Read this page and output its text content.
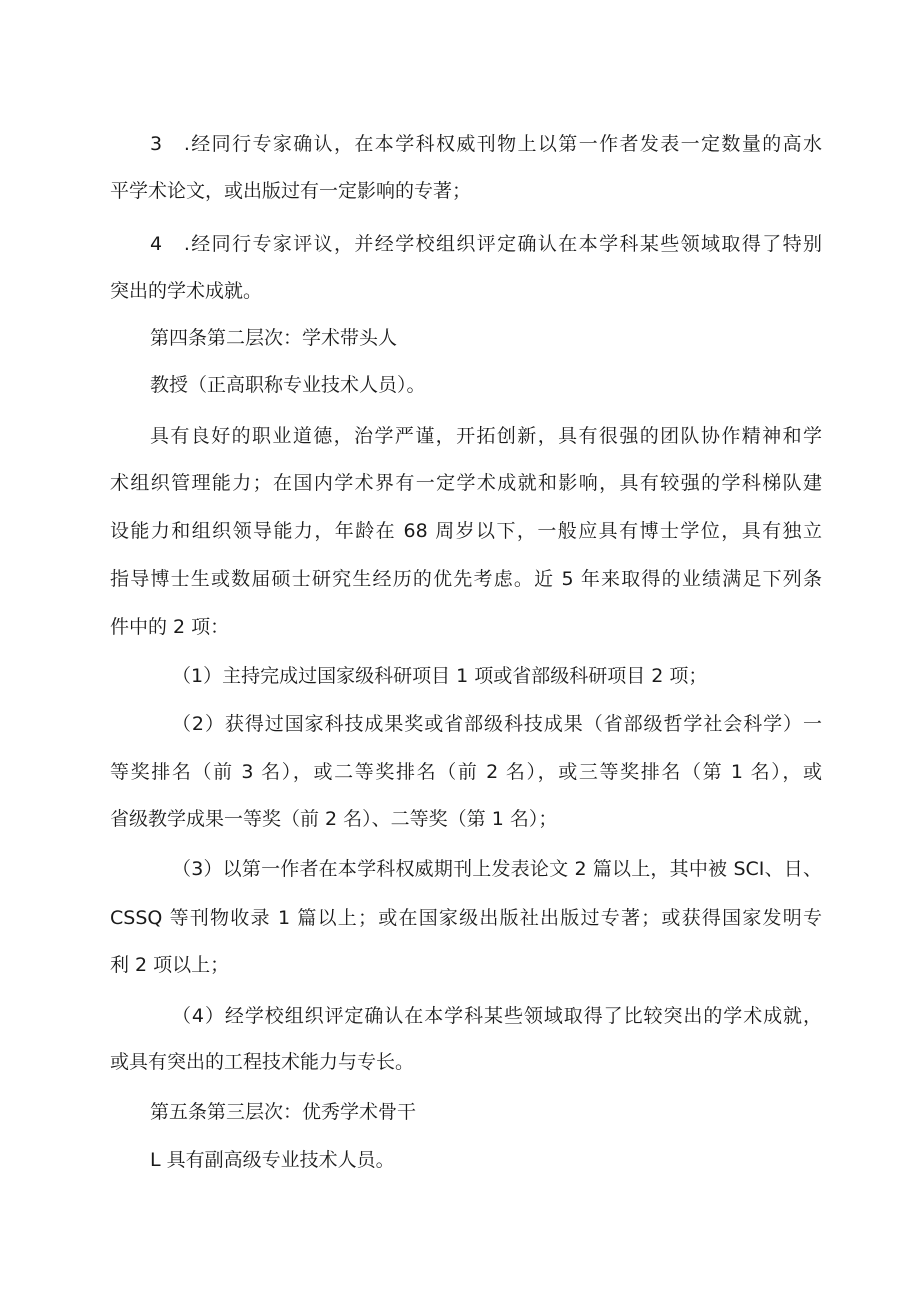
3　.经同行专家确认，在本学科权威刊物上以第一作者发表一定数量的高水
平学术论文，或出版过有一定影响的专著；
4　.经同行专家评议，并经学校组织评定确认在本学科某些领域取得了特别
突出的学术成就。
第四条第二层次：学术带头人
教授（正高职称专业技术人员）。
具有良好的职业道德，治学严谨，开拓创新，具有很强的团队协作精神和学
术组织管理能力；在国内学术界有一定学术成就和影响，具有较强的学科梯队建
设能力和组织领导能力，年龄在 68 周岁以下，一般应具有博士学位，具有独立
指导博士生或数届硕士研究生经历的优先考虑。近 5 年来取得的业绩满足下列条
件中的 2 项：
（1）主持完成过国家级科研项目 1 项或省部级科研项目 2 项；
（2）获得过国家科技成果奖或省部级科技成果（省部级哲学社会科学）一
等奖排名（前 3 名），或二等奖排名（前 2 名），或三等奖排名（第 1 名），或
省级教学成果一等奖（前 2 名）、二等奖（第 1 名）；
（3）以第一作者在本学科权威期刊上发表论文 2 篇以上，其中被 SCI、日、
CSSQ 等刊物收录 1 篇以上；或在国家级出版社出版过专著；或获得国家发明专
利 2 项以上；
（4）经学校组织评定确认在本学科某些领域取得了比较突出的学术成就，
或具有突出的工程技术能力与专长。
第五条第三层次：优秀学术骨干
L 具有副高级专业技术人员。
